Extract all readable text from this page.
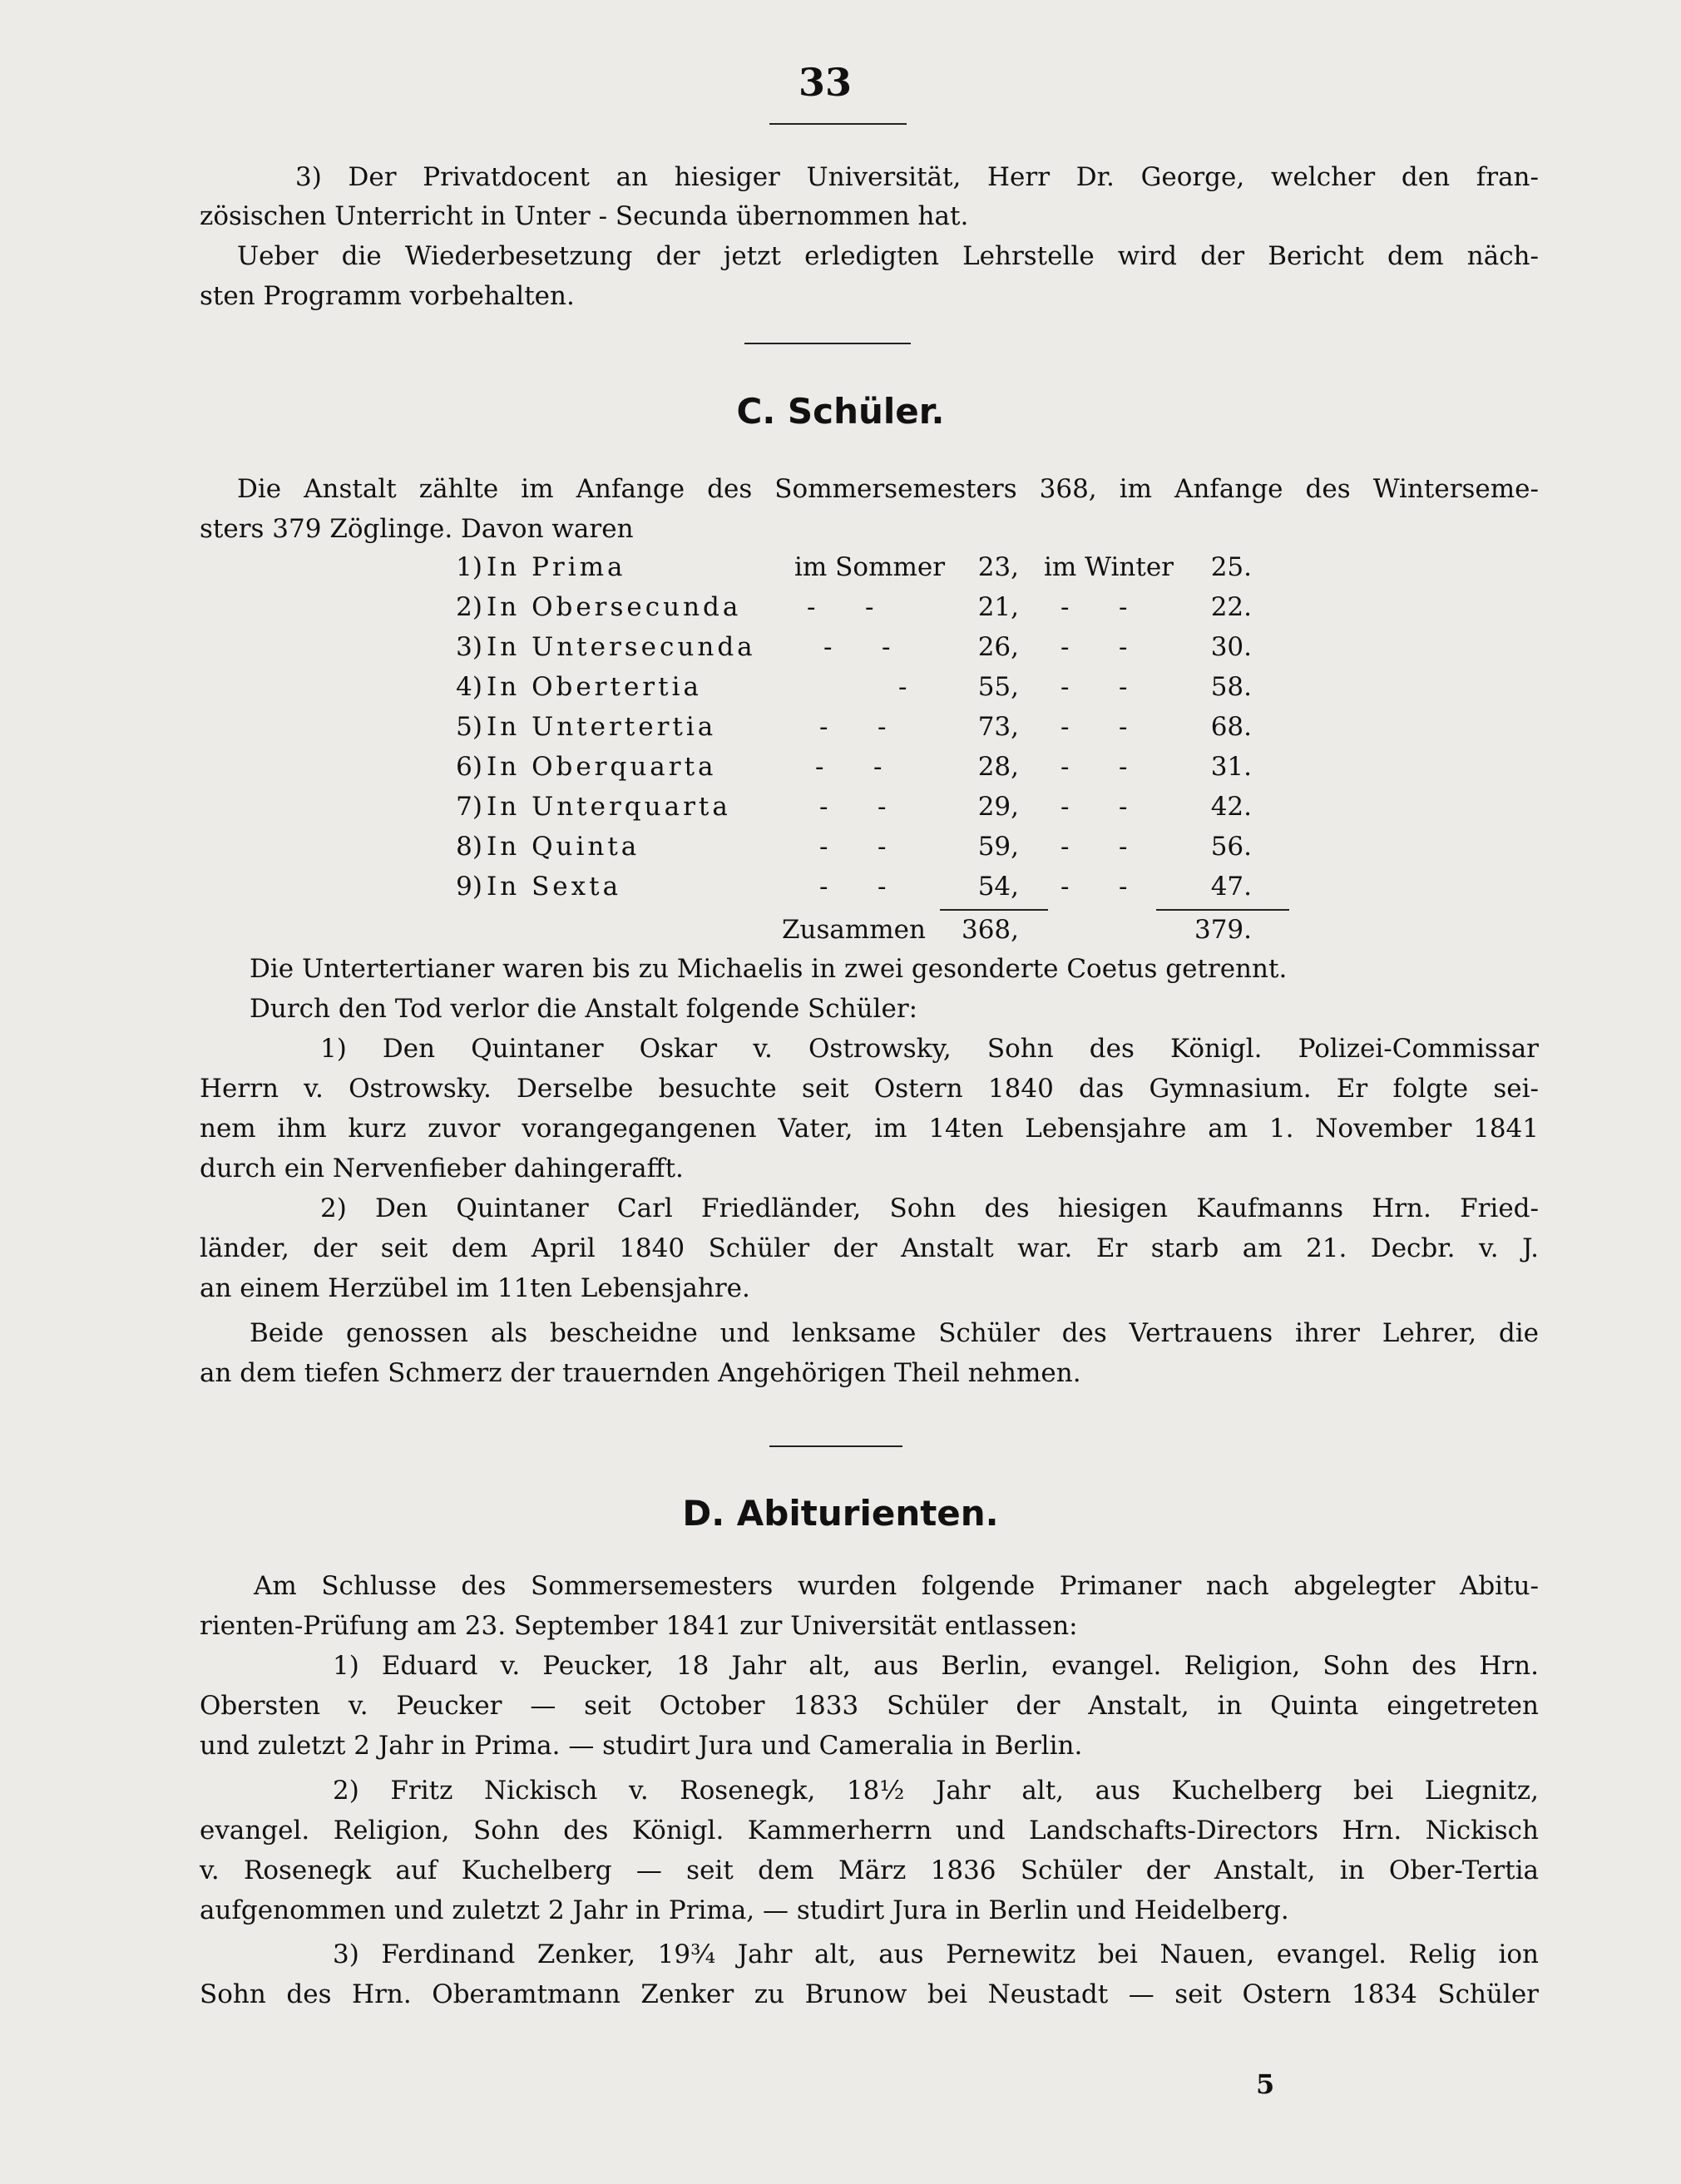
33
3) Der Privatdocent an hiesiger Universität, Herr Dr. George, welcher den fran-
zösischen Unterricht in Unter - Secunda übernommen hat.
Ueber die Wiederbesetzung der jetzt erledigten Lehrstelle wird der Bericht dem näch-
sten Programm vorbehalten.
C. Schüler.
Die Anstalt zählte im Anfange des Sommersemesters 368, im Anfange des Winterseme-
sters 379 Zöglinge. Davon waren
im Sommer	im Winter
1) In Prima	23,	25.
2) In Obersecunda	- -	21, - -	22.
3) In Untersecunda	- -	26, - -	30.
4) In Obertertia	-	55, - -	58.
5) In Untertertia	- -	73, - -	68.
6) In Oberquarta	- -	28, - -	31.
7) In Unterquarta	- -	29, - -	42.
8) In Quinta	- -	59, - -	56.
9) In Sexta	- -	54, - -	47.
Zusammen	368,	379.
Die Untertertianer waren bis zu Michaelis in zwei gesonderte Coetus getrennt.
Durch den Tod verlor die Anstalt folgende Schüler:
1) Den Quintaner Oskar v. Ostrowsky, Sohn des Königl. Polizei-Commissar
Herrn v. Ostrowsky. Derselbe besuchte seit Ostern 1840 das Gymnasium. Er folgte sei-
nem ihm kurz zuvor vorangegangenen Vater, im 14ten Lebensjahre am 1. November 1841
durch ein Nervenfieber dahingerafft.
2) Den Quintaner Carl Friedländer, Sohn des hiesigen Kaufmanns Hrn. Fried-
länder, der seit dem April 1840 Schüler der Anstalt war. Er starb am 21. Decbr. v. J.
an einem Herzübel im 11ten Lebensjahre.
Beide genossen als bescheidne und lenksame Schüler des Vertrauens ihrer Lehrer, die
an dem tiefen Schmerz der trauernden Angehörigen Theil nehmen.
D. Abiturienten.
Am Schlusse des Sommersemesters wurden folgende Primaner nach abgelegter Abitu-
rienten-Prüfung am 23. September 1841 zur Universität entlassen:
1) Eduard v. Peucker, 18 Jahr alt, aus Berlin, evangel. Religion, Sohn des Hrn.
Obersten v. Peucker — seit October 1833 Schüler der Anstalt, in Quinta eingetreten
und zuletzt 2 Jahr in Prima. — studirt Jura und Cameralia in Berlin.
2) Fritz Nickisch v. Rosenegk, 18½ Jahr alt, aus Kuchelberg bei Liegnitz,
evangel. Religion, Sohn des Königl. Kammerherrn und Landschafts-Directors Hrn. Nickisch
v. Rosenegk auf Kuchelberg — seit dem März 1836 Schüler der Anstalt, in Ober-Tertia
aufgenommen und zuletzt 2 Jahr in Prima, — studirt Jura in Berlin und Heidelberg.
3) Ferdinand Zenker, 19¾ Jahr alt, aus Pernewitz bei Nauen, evangel. Relig ion
Sohn des Hrn. Oberamtmann Zenker zu Brunow bei Neustadt — seit Ostern 1834 Schüler
5
